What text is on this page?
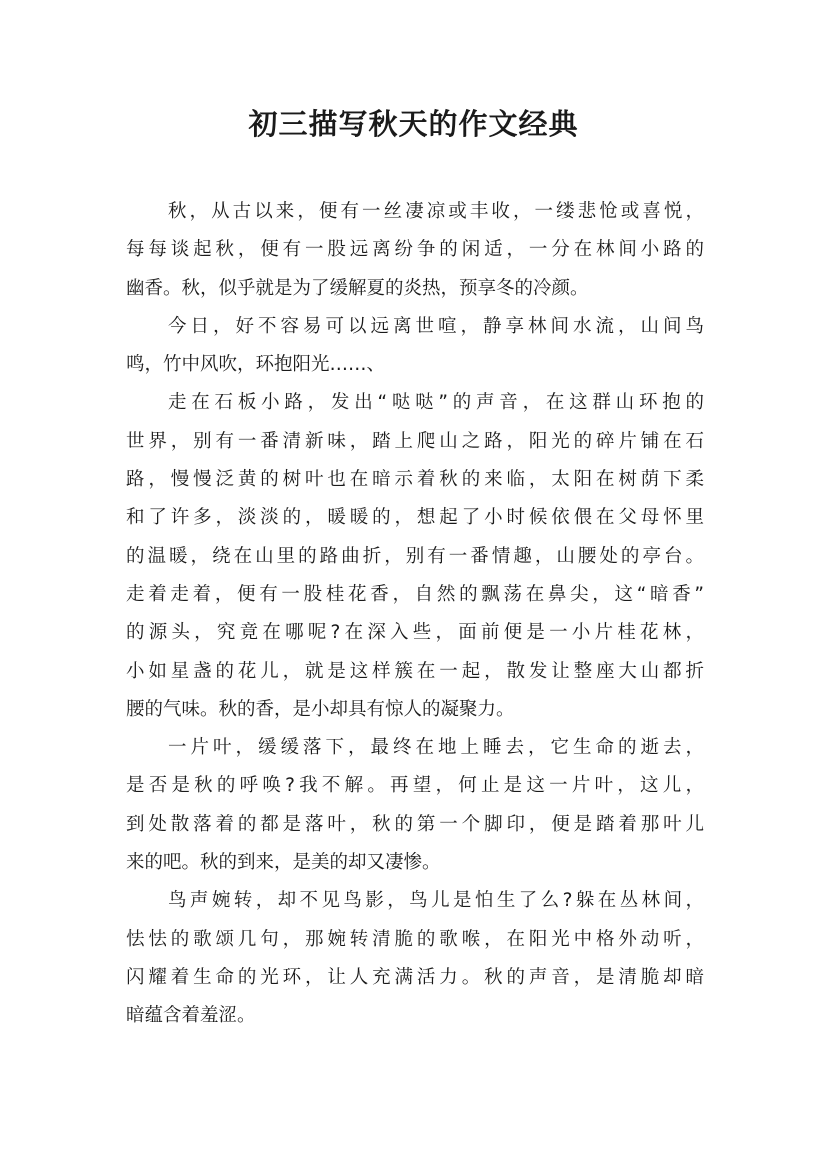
初三描写秋天的作文经典
秋，从古以来，便有一丝凄凉或丰收，一缕悲怆或喜悦，
每每谈起秋，便有一股远离纷争的闲适，一分在林间小路的
幽香。秋，似乎就是为了缓解夏的炎热，预享冬的冷颜。
今日，好不容易可以远离世喧，静享林间水流，山间鸟
鸣，竹中风吹，环抱阳光……、
走在石板小路，发出“哒哒”的声音，在这群山环抱的
世界，别有一番清新味，踏上爬山之路，阳光的碎片铺在石
路，慢慢泛黄的树叶也在暗示着秋的来临，太阳在树荫下柔
和了许多，淡淡的，暖暖的，想起了小时候依偎在父母怀里
的温暖，绕在山里的路曲折，别有一番情趣，山腰处的亭台。
走着走着，便有一股桂花香，自然的飘荡在鼻尖，这“暗香”
的源头，究竟在哪呢?在深入些，面前便是一小片桂花林，
小如星盏的花儿，就是这样簇在一起，散发让整座大山都折
腰的气味。秋的香，是小却具有惊人的凝聚力。
一片叶，缓缓落下，最终在地上睡去，它生命的逝去，
是否是秋的呼唤?我不解。再望，何止是这一片叶，这儿，
到处散落着的都是落叶，秋的第一个脚印，便是踏着那叶儿
来的吧。秋的到来，是美的却又凄惨。
鸟声婉转，却不见鸟影，鸟儿是怕生了么?躲在丛林间，
怯怯的歌颂几句，那婉转清脆的歌喉，在阳光中格外动听，
闪耀着生命的光环，让人充满活力。秋的声音，是清脆却暗
暗蕴含着羞涩。
